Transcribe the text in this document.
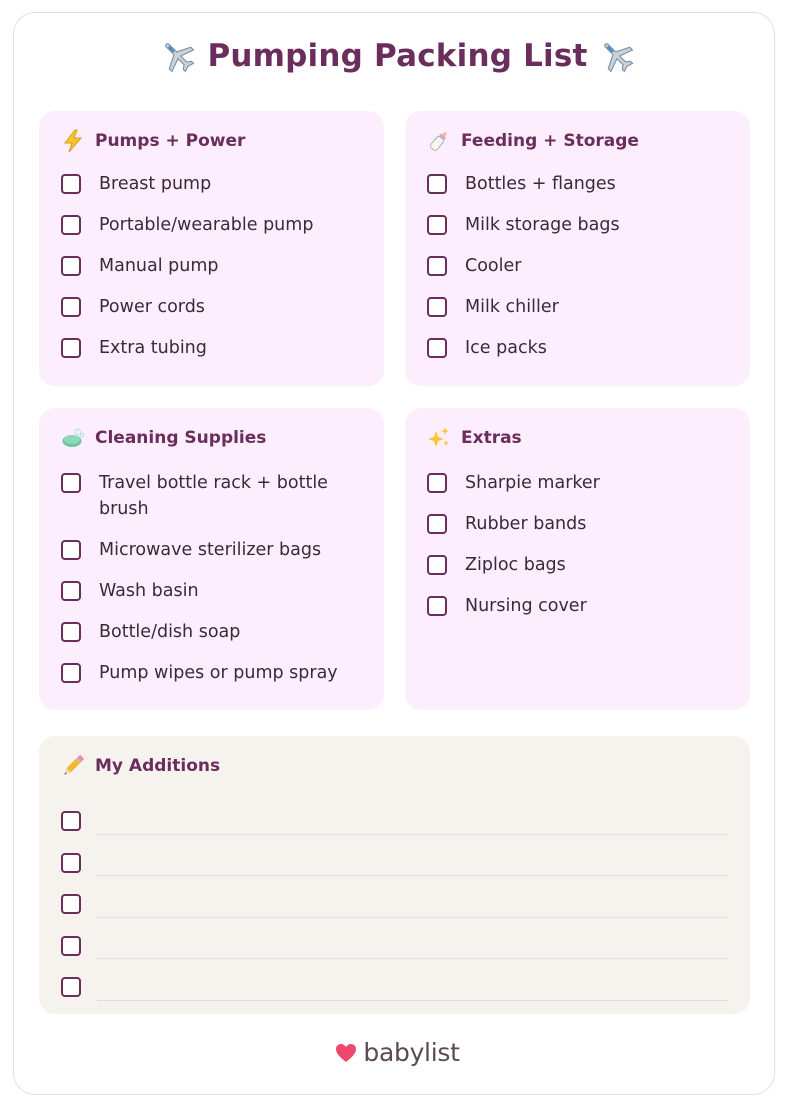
Pumping Packing List
Pumps + Power
Breast pump
Portable/wearable pump
Manual pump
Power cords
Extra tubing
Feeding + Storage
Bottles + flanges
Milk storage bags
Cooler
Milk chiller
Ice packs
Cleaning Supplies
Travel bottle rack + bottle brush
Microwave sterilizer bags
Wash basin
Bottle/dish soap
Pump wipes or pump spray
Extras
Sharpie marker
Rubber bands
Ziploc bags
Nursing cover
My Additions
babylist
